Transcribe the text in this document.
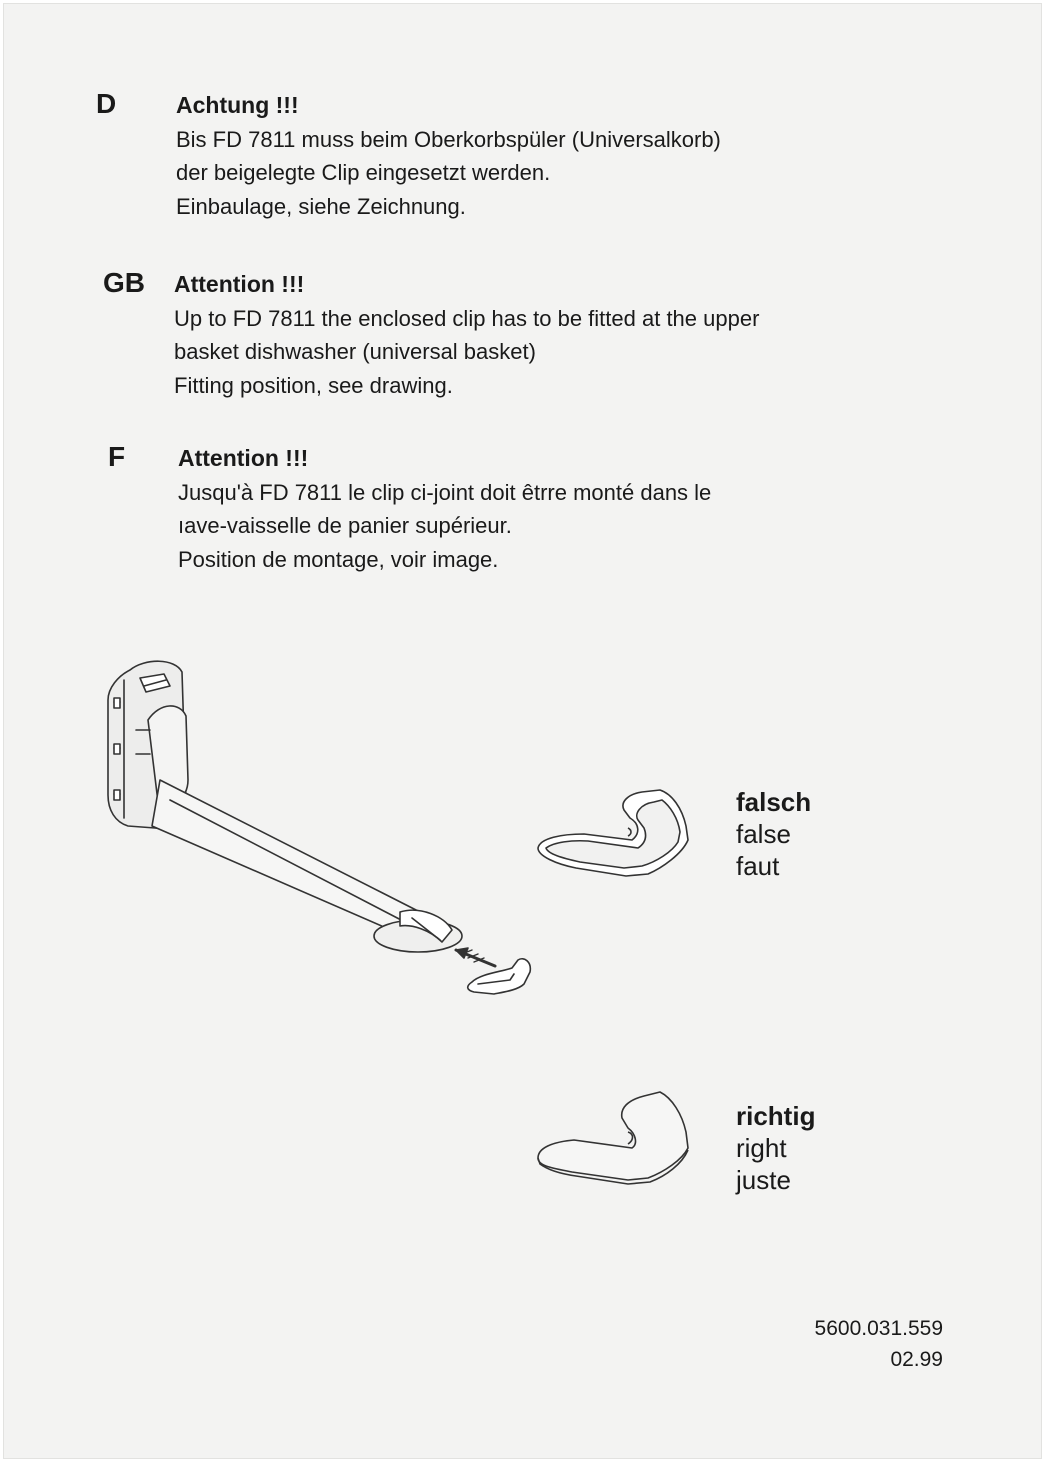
D	Achtung !!!
Bis FD 7811 muss beim Oberkorbspüler (Universalkorb)
der beigelegte Clip eingesetzt werden.
Einbaulage, siehe Zeichnung.
GB Attention !!!
Up to FD 7811 the enclosed clip has to be fitted at the upper
basket dishwasher (universal basket)
Fitting position, see drawing.
F Attention !!!
Jusqu'à FD 7811 le clip ci-joint doit êtrre monté dans le
ıave-vaisselle de panier supérieur.
Position de montage, voir image.
falsch
false
faut
richtig
right
juste
5600.031.559
02.99
